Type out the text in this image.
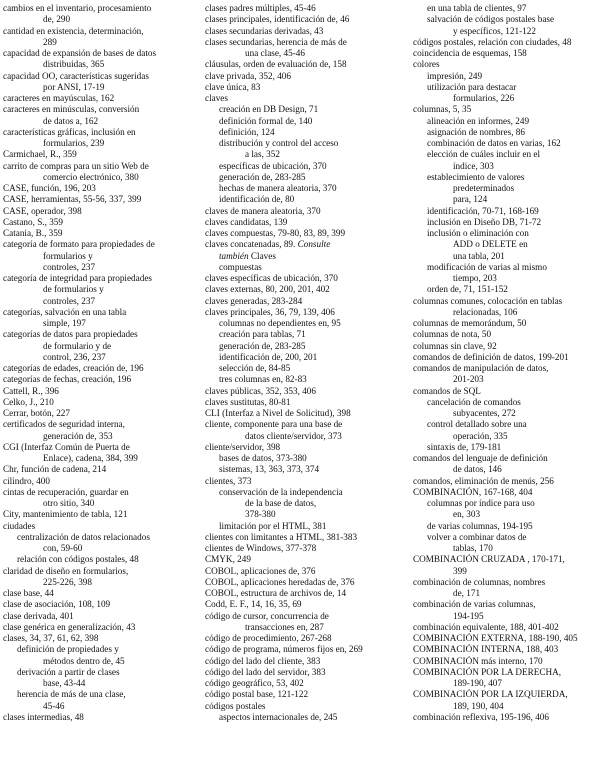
cambios en el inventario, procesamiento
de, 290
cantidad en existencia, determinación,
289
capacidad de expansión de bases de datos
distribuidas, 365
capacidad OO, características sugeridas
por ANSI, 17-19
caracteres en mayúsculas, 162
caracteres en minúsculas, conversión
de datos a, 162
características gráficas, inclusión en
formularios, 239
Carmichael, R., 359
carrito de compras para un sitio Web de
comercio electrónico, 380
CASE, función, 196, 203
CASE, herramientas, 55-56, 337, 399
CASE, operador, 398
Castano, S., 359
Catania, B., 359
categoría de formato para propiedades de
formularios y
controles, 237
categoría de integridad para propiedades
de formularios y
controles, 237
categorías, salvación en una tabla
simple, 197
categorías de datos para propiedades
de formulario y de
control, 236, 237
categorías de edades, creación de, 196
categorías de fechas, creación, 196
Cattell, R., 396
Celko, J., 210
Cerrar, botón, 227
certificados de seguridad interna,
generación de, 353
CGI (Interfaz Común de Puerta de
Enlace), cadena, 384, 399
Chr, función de cadena, 214
cilindro, 400
cintas de recuperación, guardar en
otro sitio, 340
City, mantenimiento de tabla, 121
ciudades
centralización de datos relacionados
con, 59-60
relación con códigos postales, 48
claridad de diseño en formularios,
225-226, 398
clase base, 44
clase de asociación, 108, 109
clase derivada, 401
clase genérica en generalización, 43
clases, 34, 37, 61, 62, 398
definición de propiedades y
métodos dentro de, 45
derivación a partir de clases
base, 43-44
herencia de más de una clase,
45-46
clases intermedias, 48
clases padres múltiples, 45-46
clases principales, identificación de, 46
clases secundarias derivadas, 43
clases secundarias, herencia de más de
una clase, 45-46
cláusulas, orden de evaluación de, 158
clave privada, 352, 406
clave única, 83
claves
creación en DB Design, 71
definición formal de, 140
definición, 124
distribución y control del acceso
a las, 352
específicas de ubicación, 370
generación de, 283-285
hechas de manera aleatoria, 370
identificación de, 80
claves de manera aleatoria, 370
claves candidatas, 139
claves compuestas, 79-80, 83, 89, 399
claves concatenadas, 89. Consulte
también Claves
compuestas
claves específicas de ubicación, 370
claves externas, 80, 200, 201, 402
claves generadas, 283-284
claves principales, 36, 79, 139, 406
columnas no dependientes en, 95
creación para tablas, 71
generación de, 283-285
identificación de, 200, 201
selección de, 84-85
tres columnas en, 82-83
claves públicas, 352, 353, 406
claves sustitutas, 80-81
CLI (Interfaz a Nivel de Solicitud), 398
cliente, componente para una base de
datos cliente/servidor, 373
cliente/servidor, 398
bases de datos, 373-380
sistemas, 13, 363, 373, 374
clientes, 373
conservación de la independencia
de la base de datos,
378-380
limitación por el HTML, 381
clientes con limitantes a HTML, 381-383
clientes de Windows, 377-378
CMYK, 249
COBOL, aplicaciones de, 376
COBOL, aplicaciones heredadas de, 376
COBOL, estructura de archivos de, 14
Codd, E. F., 14, 16, 35, 69
código de cursor, concurrencia de
transacciones en, 287
código de procedimiento, 267-268
código de programa, números fijos en, 269
código del lado del cliente, 383
código del lado del servidor, 383
código geográfico, 53, 402
código postal base, 121-122
códigos postales
aspectos internacionales de, 245
en una tabla de clientes, 97
salvación de códigos postales base
y específicos, 121-122
códigos postales, relación con ciudades, 48
coincidencia de esquemas, 158
colores
impresión, 249
utilización para destacar
formularios, 226
columnas, 5, 35
alineación en informes, 249
asignación de nombres, 86
combinación de datos en varias, 162
elección de cuáles incluir en el
índice, 303
establecimiento de valores
predeterminados
para, 124
identificación, 70-71, 168-169
inclusión en Diseño DB, 71-72
inclusión o eliminación con
ADD o DELETE en
una tabla, 201
modificación de varias al mismo
tiempo, 203
orden de, 71, 151-152
columnas comunes, colocación en tablas
relacionadas, 106
columnas de memorándum, 50
columnas de nota, 50
columnas sin clave, 92
comandos de definición de datos, 199-201
comandos de manipulación de datos,
201-203
comandos de SQL
cancelación de comandos
subyacentes, 272
control detallado sobre una
operación, 335
sintaxis de, 179-181
comandos del lenguaje de definición
de datos, 146
comandos, eliminación de menús, 256
COMBINACIÓN, 167-168, 404
columnas por índice para uso
en, 303
de varias columnas, 194-195
volver a combinar datos de
tablas, 170
COMBINACIÓN CRUZADA , 170-171,
399
combinación de columnas, nombres
de, 171
combinación de varias columnas,
194-195
combinación equivalente, 188, 401-402
COMBINACIÓN EXTERNA, 188-190, 405
COMBINACIÓN INTERNA, 188, 403
COMBINACIÓN más interno, 170
COMBINACIÓN POR LA DERECHA,
189-190, 407
COMBINACIÓN POR LA IZQUIERDA,
189, 190, 404
combinación reflexiva, 195-196, 406
